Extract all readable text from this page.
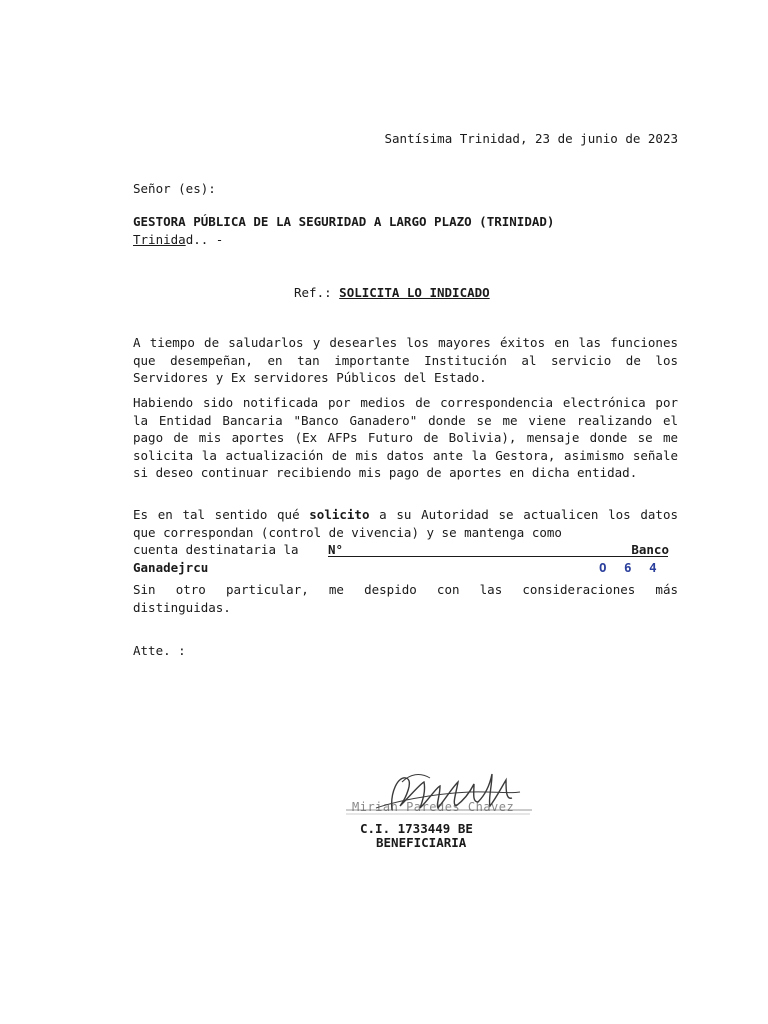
Santísima Trinidad, 23 de junio de 2023
Señor (es):
GESTORA PÚBLICA DE LA SEGURIDAD A LARGO PLAZO (TRINIDAD)
Trinidad.. -
Ref.: SOLICITA LO INDICADO

A tiempo de saludarlos y desearles los mayores éxitos en las funciones que desempeñan, en tan importante Institución al servicio de los Servidores y Ex servidores Públicos del Estado.

Habiendo sido notificada por medios de correspondencia electrónica por la Entidad Bancaria "Banco Ganadero" donde se me viene realizando el pago de mis aportes (Ex AFPs Futuro de Bolivia), mensaje donde se me solicita la actualización de mis datos ante la Gestora, asimismo señale si deseo continuar recibiendo mis pago de aportes en dicha entidad.

Es en tal sentido qué solicito a su Autoridad se actualicen los datos que correspondan (control de vivencia) y se mantenga como

cuenta destinataria la N°	Banco
Ganadejrcu	O 6 4

Sin otro particular, me despido con las consideraciones más distinguidas.

Atte. :
Mirian Paredes Chavez
C.I. 1733449 BE
BENEFICIARIA
